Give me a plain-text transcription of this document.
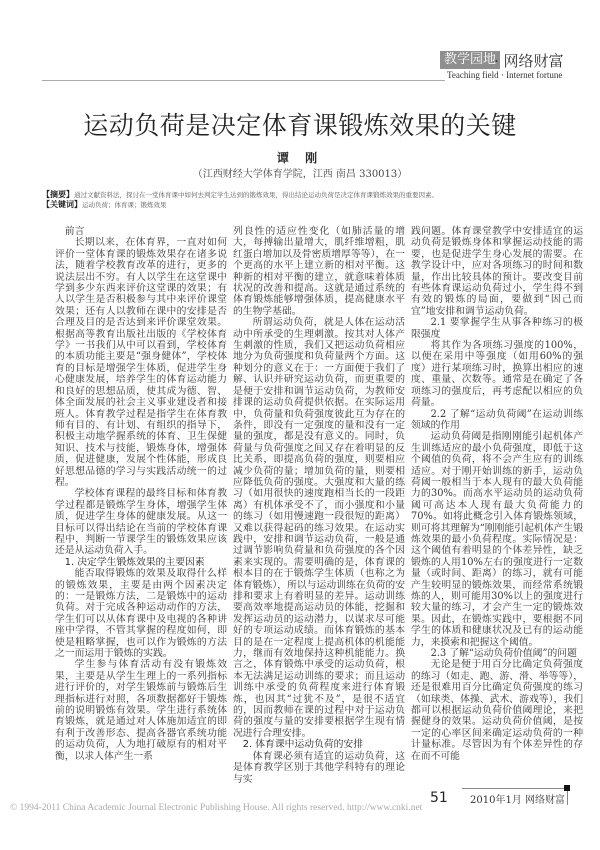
教学园地
· 网络财富
Teaching field · Internet fortune
运动负荷是决定体育课锻炼效果的关键
谭 刚
（江西财经大学体育学院，江西 南昌 330013）
【摘要】通过文献资料法，探讨在一堂体育课中如何去判定学生达到的锻炼效果，得出结论运动负荷是决定体育课锻炼效果的重要因素。
【关键词】运动负荷；体育课；锻炼效果

前言

长期以来，在体育界，一直对如何评价一堂体育课的锻炼效果存在诸多说法，随着学校教育改革的进行，更多的说法层出不穷。有人以学生在这堂课中学到多少东西来评价这堂课的效果；有人以学生是否积极参与其中来评价课堂效果；还有人以教师在课中的安排是否合理及目的是否达到来评价课堂效果。根据高等教育出版社出版的《学校体育学》一书我们从中可以看到，学校体育的本质功能主要是“强身健体”，学校体育的目标是增强学生体质，促进学生身心健康发展，培养学生的体育运动能力和良好的思想品质，使其成为德、智、体全面发展的社会主义事业建设者和接班人。体育教学过程是指学生在体育教师有目的、有计划、有组织的指导下，积极主动地学握系统的体育、卫生保健知识、技术与技能，锻炼身体，增强体质，促进健康，发展个性体能，形成良好思想品德的学习与实践活动统一的过程。

学校体育课程的最终目标和体育教学过程都是锻炼学生身体，增强学生体质，促进学生身体的健康发展。从这一目标可以得出结论在当前的学校体育课程中，判断一节课学生的锻炼效果应该还是从运动负荷入手。

1. 决定学生锻炼效果的主要因素

能否取得锻炼的效果及取得什么样的锻炼效果，主要是由两个因素决定的：一是锻炼方法，二是锻炼中的运动负荷。对于完成各种运动动作的方法，学生们可以从体育课中及电视的各种讲座中学得，不管其掌握的程度如何，即使是粗略掌握，也可以作为锻炼的方法之一而运用于锻炼的实践。

学生参与体育活动有没有锻炼效果，主要是从学生生理上的一系列指标进行评价的，对学生锻炼前与锻炼后生理指标进行对照，各项数据都好于锻炼前的说明锻炼有效果。学生进行系统体育锻炼，就是通过对人体施加适宜的即有利于改善形态、提高各器官系统功能的运动负荷，人为地打破原有的相对平衡，以求人体产生一系

列良性的适应性变化（如肺活量的增大，每搏输出量增大，肌纤维增粗，肌红蛋白增加以及骨密质增厚等等），在一个更高的水平上建立新的相对平衡。这种新的相对平衡的建立，就意味着体质状况的改善和提高。这就是通过系统的体育锻炼能够增强体质，提高健康水平的生物学基础。

所谓运动负荷，就是人体在运动活动中所承受的生理刺激。按其对人体产生刺激的性质，我们又把运动负荷相应地分为负荷强度和负荷量两个方面。这种划分的意义在于：一方面便于我们了解、认识并研究运动负荷，而更重要的是便于安排和调节运动负荷，为教师安排课的运动负荷提供依据。在实际运用中，负荷量和负荷强度彼此互为存在的条件，即没有一定强度的量和没有一定量的强度，都是没有意义的。同时，负荷量与负荷强度之间又存在着明显的反比关系，即提高负荷的强度，则要相应减少负荷的量；增加负荷的量，则要相应降低负荷的强度。大强度和大量的练习（如用很快的速度跑相当长的一段距离）有机体承受不了，而小强度和小量的练习（如用慢速跑一段很短的距离）又难以获得起码的练习效果。在运动实践中，安排和调节运动负荷，一般是通过调节影响负荷量和负荷强度的各个因素来实现的。需要明确的是，体育课的根本目的在于锻炼学生体质（也称之为体育锻炼），所以与运动训练在负荷的安排和要求上有着明显的差异。运动训练要高效率地提高运动员的体能，挖掘和发挥运动员的运动潜力，以谋求尽可能好的专项运动成绩。而体育锻炼的基本目的是在一定程度上提高机体的机能能力，继而有效地保持这种机能能力。换言之，体育锻炼中承受的运动负荷，根本无法满足运动训练的要求；而且运动训练中承受的负荷程度来进行体育锻炼，也因其“过犹不及”，是很不适宜的，因而教师在课的过程中对于运动负荷的强度与量的安排要根据学生现有情况进行合理安排。

2. 体育课中运动负荷的安排

体育课必须有适宜的运动负荷，这是体育教学区别于其他学科特有的理论与实

践问题。体育课堂教学中安排适宜的运动负荷是锻炼身体和掌握运动技能的需要，也是促进学生身心发展的需要。在教学设计中，应对各项练习的时间和数量，作出比较具体的预计。要改变目前有些体育课运动负荷过小，学生得不到有效的锻炼的局面，要做到“因己而宜”地安排和调节运动负荷。

2.1 要掌握学生从事各种练习的极限强度

将其作为各项练习强度的100%，以便在采用中等强度（如用60%的强度）进行某项练习时，换算出相应的速度、重量、次数等。通常是在确定了各项练习的强度后，再考虑配以相应的负荷量。

2.2 了解“运动负荷阈”在运动训练领域的作用

运动负荷阈是指刚刚能引起机体产生训练适应的最小负荷强度，即低于这个阈值的负荷，将不会产生应有的训练适应。对于刚开始训练的新手，运动负荷阈一般相当于本人现有的最大负荷能力的30%。而高水平运动员的运动负荷阈可高达本人现有最大负荷能力的70%。如将此概念引入体育锻炼领域，则可将其理解为“刚刚能引起机体产生锻炼效果的最小负荷程度。实际情况是：这个阈值有着明显的个体差异性，缺乏锻炼的人用10%左右的强度进行一定数量（或时间、距离）的练习，就有可能产生较明显的锻炼效果，而经常系统锻炼的人，则可能用30%以上的强度进行较大量的练习，才会产生一定的锻炼效果。因此，在锻炼实践中，要根据不同学生的体质和健康状况及已有的运动能力，来摸索和把握这个阈值。

2.3 了解“运动负荷价值阈”的问题

无论是便于用百分比确定负荷强度的练习（如走、跑、游、滑、举等等），还是很难用百分比确定负荷强度的练习（如球类、体操、武术、游戏等），我们都可以根据运动负荷价值阈理论，来把握健身的效果。运动负荷价值阈，是按一定的心率区间来确定运动负荷的一种计量标准。尽管因为有个体差异性的存在而不可能

51 2010年1月 网络财富
© 1994-2011 China Academic Journal Electronic Publishing House. All rights reserved. http://www.cnki.net
